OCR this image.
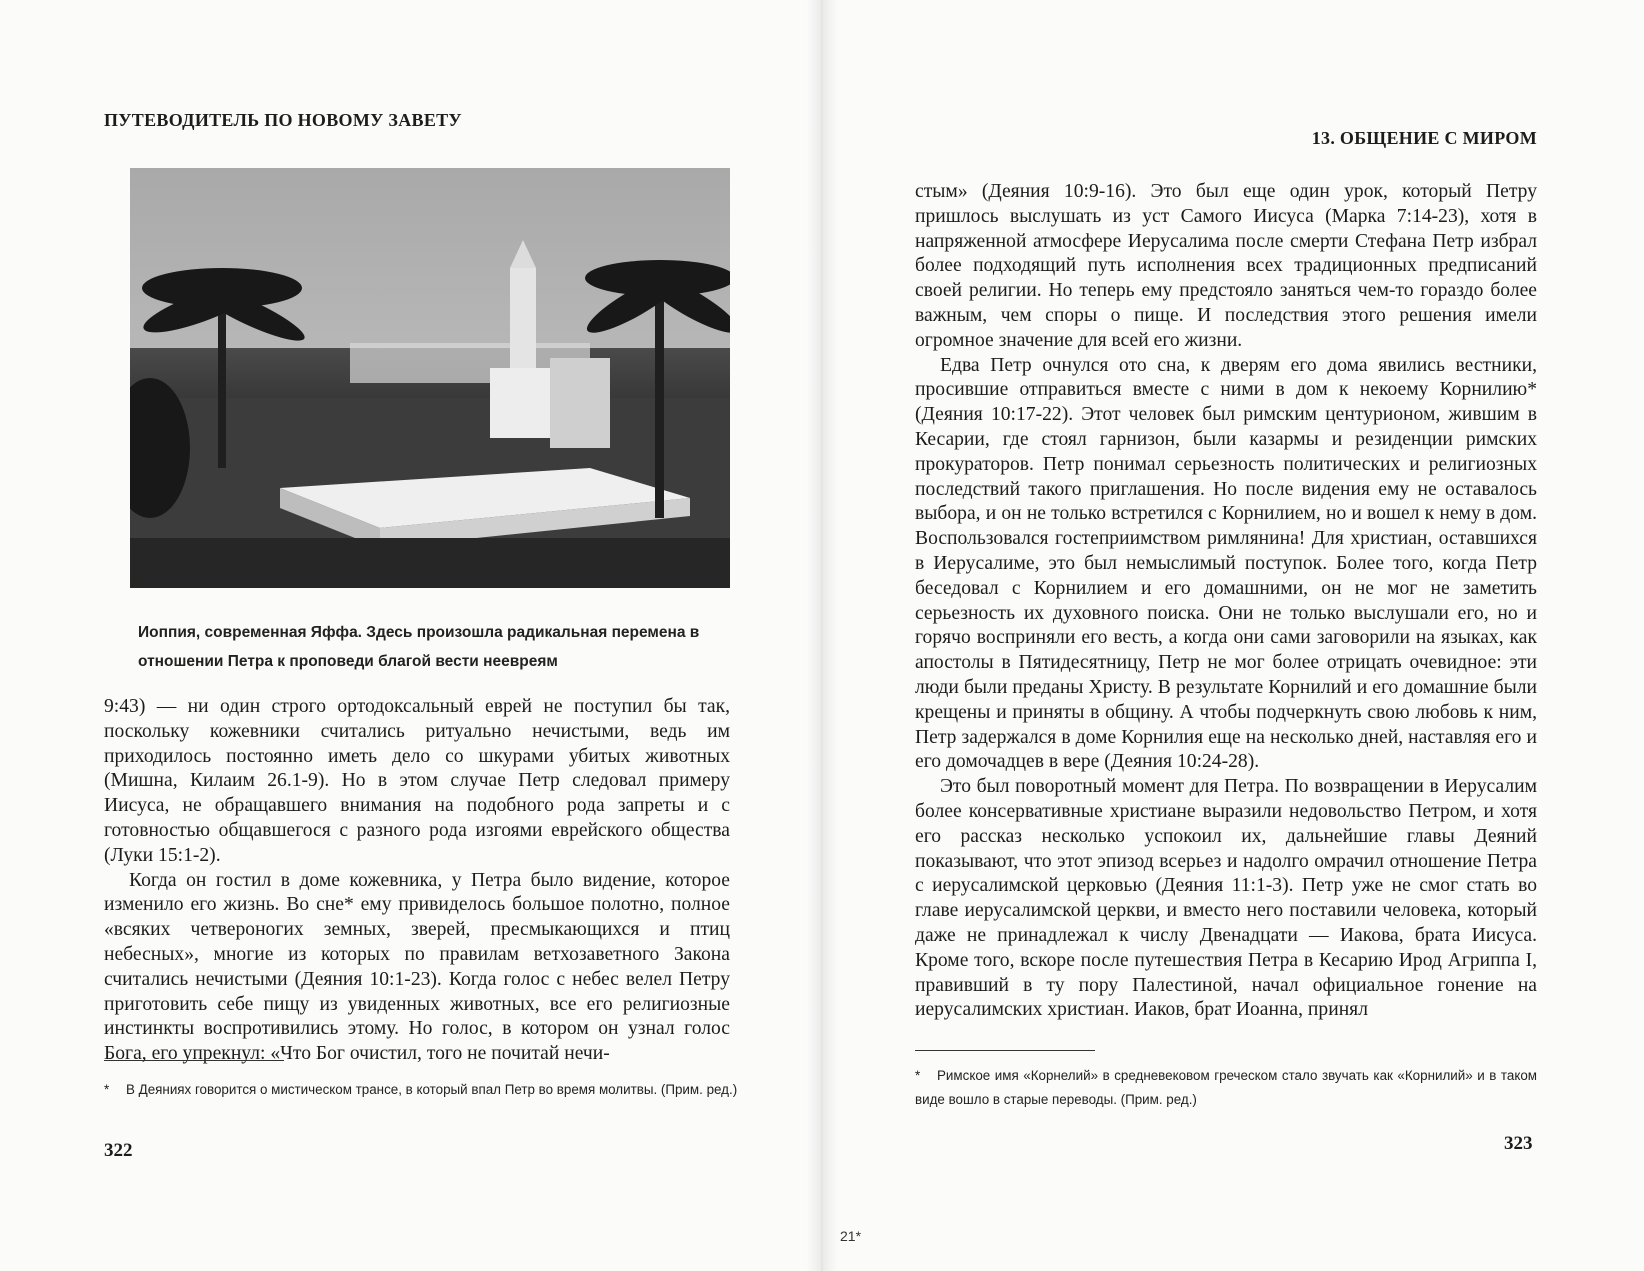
ПУТЕВОДИТЕЛЬ ПО НОВОМУ ЗАВЕТУ
Иоппия, современная Яффа. Здесь произошла радикальная перемена в отношении Петра к проповеди благой вести неевреям

9:43) — ни один строго ортодоксальный еврей не поступил бы так, поскольку кожевники считались ритуально нечистыми, ведь им приходилось постоянно иметь дело со шкурами убитых животных (Мишна, Килаим 26.1-9). Но в этом случае Петр следовал примеру Иисуса, не обращавшего внимания на подобного рода запреты и с готовностью общавшегося с разного рода изгоями еврейского общества (Луки 15:1-2).

Когда он гостил в доме кожевника, у Петра было видение, которое изменило его жизнь. Во сне* ему привиделось большое полотно, полное «всяких четвероногих земных, зверей, пресмыкающихся и птиц небесных», многие из которых по правилам ветхозаветного Закона считались нечистыми (Деяния 10:1-23). Когда голос с небес велел Петру приготовить себе пищу из увиденных животных, все его религиозные инстинкты воспротивились этому. Но голос, в котором он узнал голос Бога, его упрекнул: «Что Бог очистил, того не почитай нечи-

* В Деяниях говорится о мистическом трансе, в который впал Петр во время молитвы. (Прим. ред.)
322
13. ОБЩЕНИЕ С МИРОМ

стым» (Деяния 10:9-16). Это был еще один урок, который Петру пришлось выслушать из уст Самого Иисуса (Марка 7:14-23), хотя в напряженной атмосфере Иерусалима после смерти Стефана Петр избрал более подходящий путь исполнения всех традиционных предписаний своей религии. Но теперь ему предстояло заняться чем-то гораздо более важным, чем споры о пище. И последствия этого решения имели огромное значение для всей его жизни.

Едва Петр очнулся ото сна, к дверям его дома явились вестники, просившие отправиться вместе с ними в дом к некоему Корнилию* (Деяния 10:17-22). Этот человек был римским центурионом, жившим в Кесарии, где стоял гарнизон, были казармы и резиденции римских прокураторов. Петр понимал серьезность политических и религиозных последствий такого приглашения. Но после видения ему не оставалось выбора, и он не только встретился с Корнилием, но и вошел к нему в дом. Воспользовался гостеприимством римлянина! Для христиан, оставшихся в Иерусалиме, это был немыслимый поступок. Более того, когда Петр беседовал с Корнилием и его домашними, он не мог не заметить серьезность их духовного поиска. Они не только выслушали его, но и горячо восприняли его весть, а когда они сами заговорили на языках, как апостолы в Пятидесятницу, Петр не мог более отрицать очевидное: эти люди были преданы Христу. В результате Корнилий и его домашние были крещены и приняты в общину. А чтобы подчеркнуть свою любовь к ним, Петр задержался в доме Корнилия еще на несколько дней, наставляя его и его домочадцев в вере (Деяния 10:24-28).

Это был поворотный момент для Петра. По возвращении в Иерусалим более консервативные христиане выразили недовольство Петром, и хотя его рассказ несколько успокоил их, дальнейшие главы Деяний показывают, что этот эпизод всерьез и надолго омрачил отношение Петра с иерусалимской церковью (Деяния 11:1-3). Петр уже не смог стать во главе иерусалимской церкви, и вместо него поставили человека, который даже не принадлежал к числу Двенадцати — Иакова, брата Иисуса. Кроме того, вскоре после путешествия Петра в Кесарию Ирод Агриппа I, правивший в ту пору Палестиной, начал официальное гонение на иерусалимских христиан. Иаков, брат Иоанна, принял

* Римское имя «Корнелий» в средневековом греческом стало звучать как «Корнилий» и в таком виде вошло в старые переводы. (Прим. ред.)
323
21*
